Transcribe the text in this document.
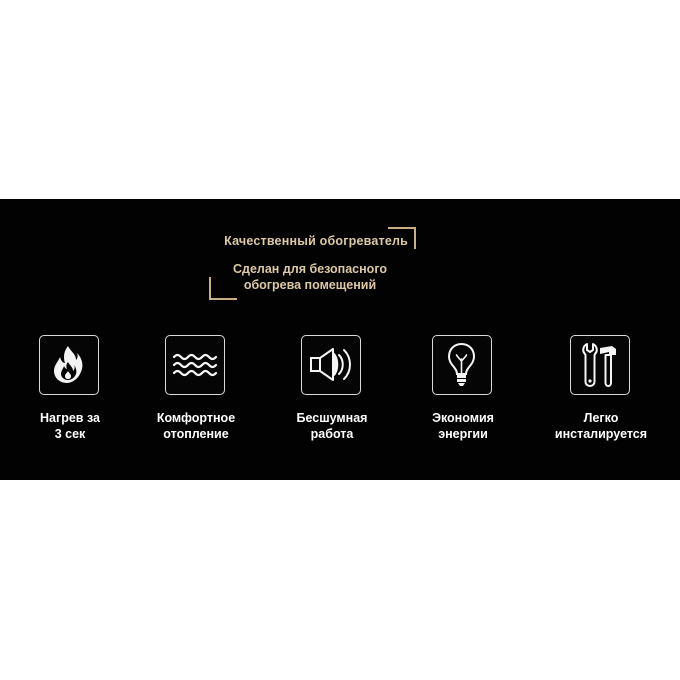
Качественный обогреватель
Сделан для безопасного
обогрева помещений
Нагрев за
3 сек
Комфортное
отопление
Бесшумная
работа
Экономия
энергии
Легко
инсталируется
